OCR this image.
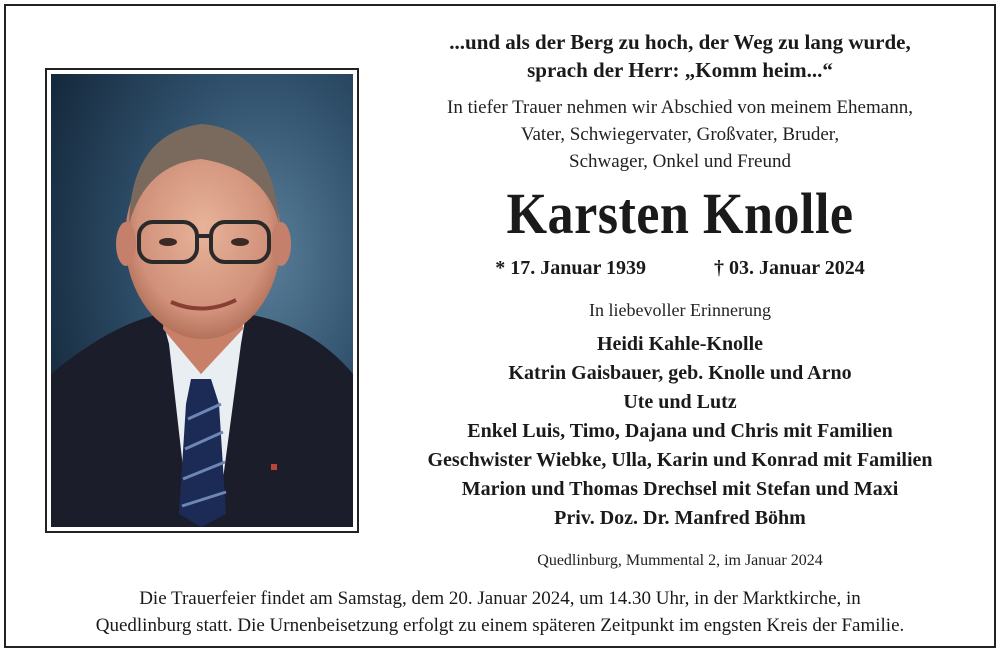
...und als der Berg zu hoch, der Weg zu lang wurde,
sprach der Herr: „Komm heim...“
In tiefer Trauer nehmen wir Abschied von meinem Ehemann,
Vater, Schwiegervater, Großvater, Bruder,
Schwager, Onkel und Freund
Karsten Knolle
* 17. Januar 1939	† 03. Januar 2024
In liebevoller Erinnerung
Heidi Kahle-Knolle
Katrin Gaisbauer, geb. Knolle und Arno
Ute und Lutz
Enkel Luis, Timo, Dajana und Chris mit Familien
Geschwister Wiebke, Ulla, Karin und Konrad mit Familien
Marion und Thomas Drechsel mit Stefan und Maxi
Priv. Doz. Dr. Manfred Böhm
Quedlinburg, Mummental 2, im Januar 2024
Die Trauerfeier findet am Samstag, dem 20. Januar 2024, um 14.30 Uhr, in der Marktkirche, in
Quedlinburg statt. Die Urnenbeisetzung erfolgt zu einem späteren Zeitpunkt im engsten Kreis der Familie.
